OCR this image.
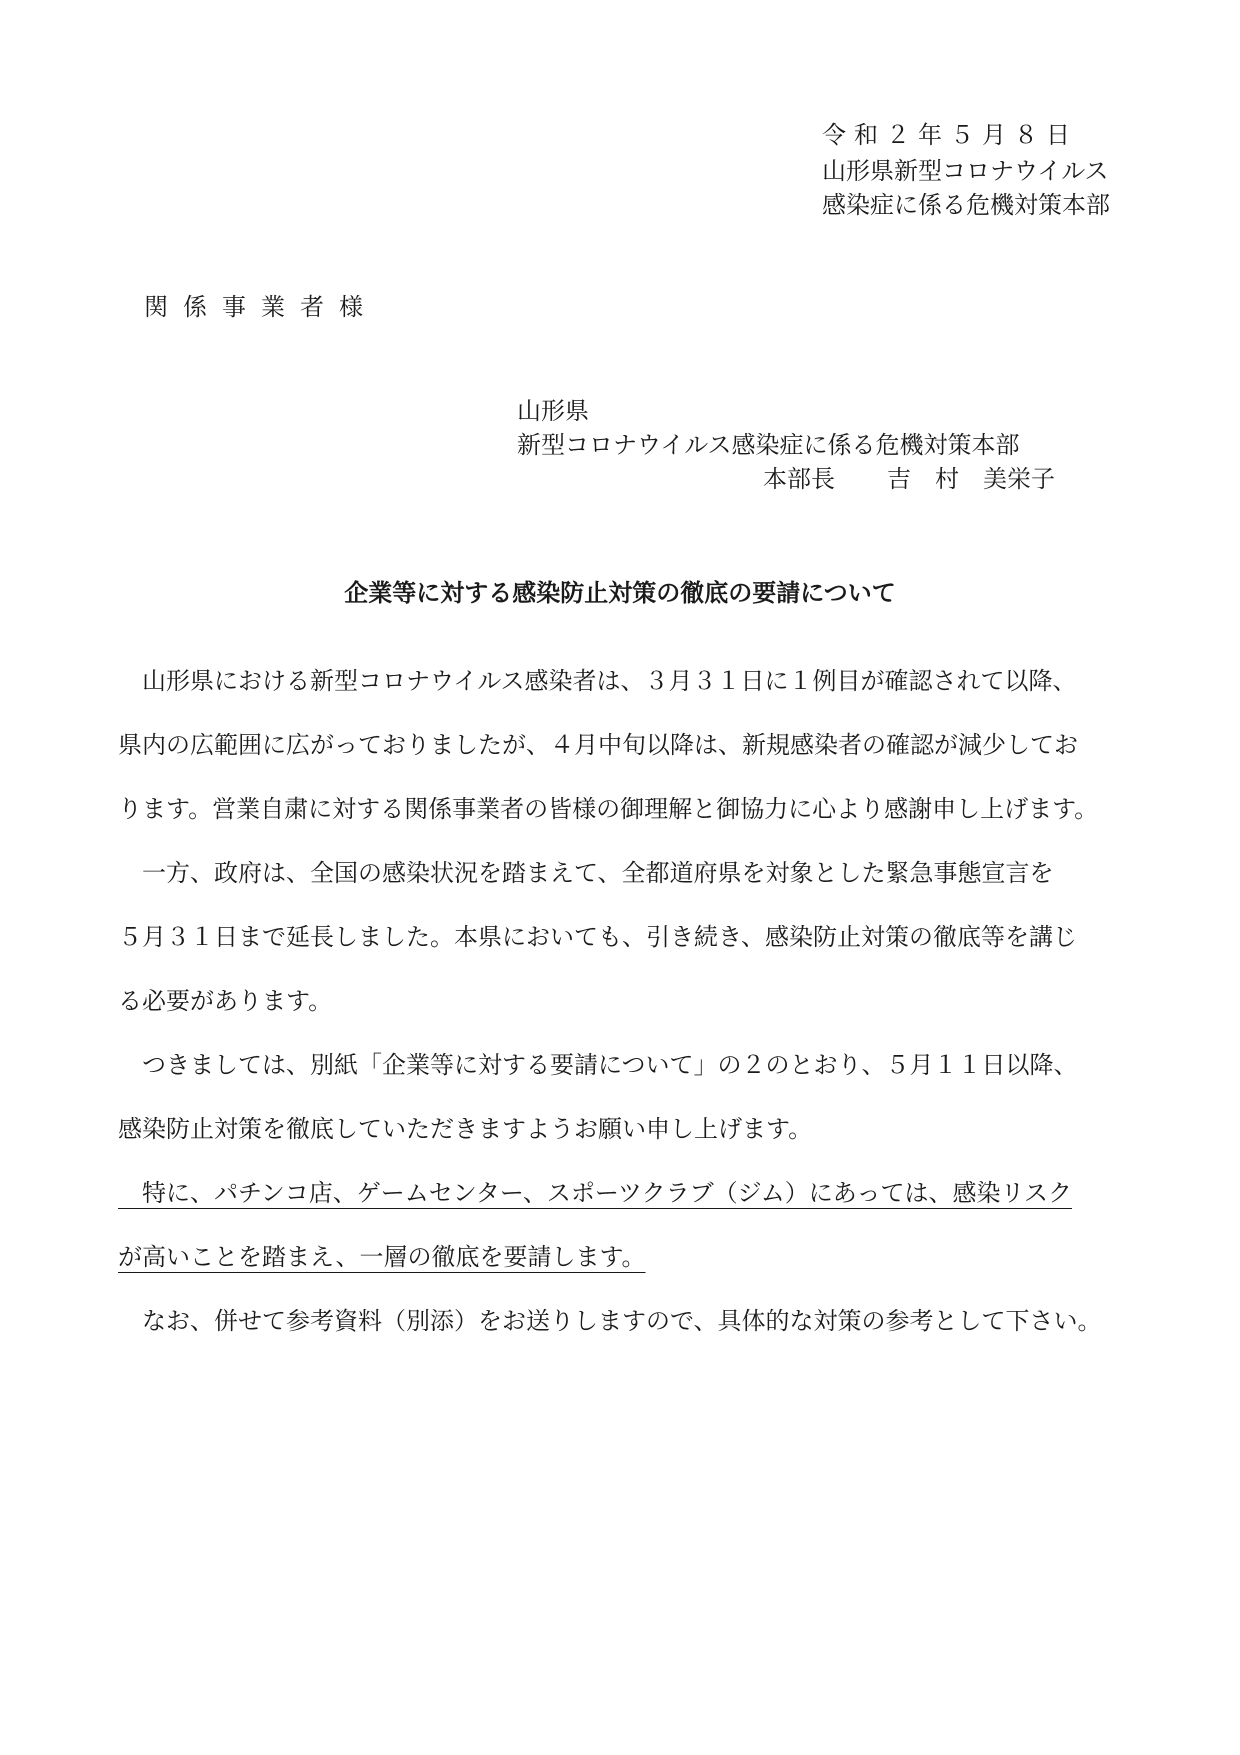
令和２年５月８日
山形県新型コロナウイルス
感染症に係る危機対策本部
関係事業者様
山形県
新型コロナウイルス感染症に係る危機対策本部
本部長 吉　村　美栄子
企業等に対する感染防止対策の徹底の要請について
　山形県における新型コロナウイルス感染者は、３月３１日に１例目が確認されて以降、
県内の広範囲に広がっておりましたが、４月中旬以降は、新規感染者の確認が減少してお
ります。営業自粛に対する関係事業者の皆様の御理解と御協力に心より感謝申し上げます。
　一方、政府は、全国の感染状況を踏まえて、全都道府県を対象とした緊急事態宣言を
５月３１日まで延長しました。本県においても、引き続き、感染防止対策の徹底等を講じ
る必要があります。
　つきましては、別紙「企業等に対する要請について」の２のとおり、５月１１日以降、
感染防止対策を徹底していただきますようお願い申し上げます。
　特に、パチンコ店、ゲームセンター、スポーツクラブ（ジム）にあっては、感染リスク
が高いことを踏まえ、一層の徹底を要請します。
　なお、併せて参考資料（別添）をお送りしますので、具体的な対策の参考として下さい。
